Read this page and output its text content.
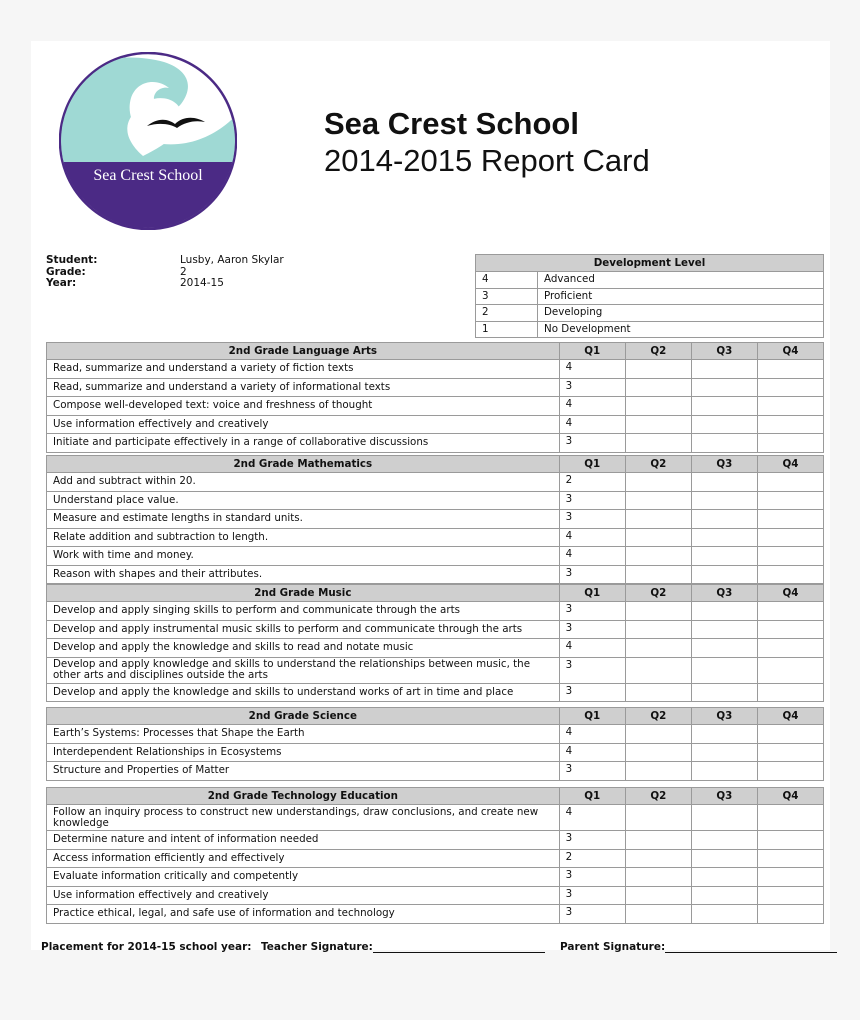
Sea Crest School
Sea Crest School
2014-2015 Report Card
Student:	Lusby, Aaron Skylar
Grade:	2
Year:	2014-15
Development Level	
4	Advanced
3	Proficient
2	Developing
1	No Development
2nd Grade Language Arts	Q1	Q2	Q3	Q4
Read, summarize and understand a variety of fiction texts	4			
Read, summarize and understand a variety of informational texts	3			
Compose well-developed text: voice and freshness of thought	4			
Use information effectively and creatively	4			
Initiate and participate effectively in a range of collaborative discussions	3			
2nd Grade Mathematics	Q1	Q2	Q3	Q4
Add and subtract within 20.	2			
Understand place value.	3			
Measure and estimate lengths in standard units.	3			
Relate addition and subtraction to length.	4			
Work with time and money.	4			
Reason with shapes and their attributes.	3			
2nd Grade Music	Q1	Q2	Q3	Q4
Develop and apply singing skills to perform and communicate through the arts	3			
Develop and apply instrumental music skills to perform and communicate through the arts	3			
Develop and apply the knowledge and skills to read and notate music	4			
Develop and apply knowledge and skills to understand the relationships between music, the other arts and disciplines outside the arts	3			
Develop and apply the knowledge and skills to understand works of art in time and place	3			
2nd Grade Science	Q1	Q2	Q3	Q4
Earth’s Systems: Processes that Shape the Earth	4			
Interdependent Relationships in Ecosystems	4			
Structure and Properties of Matter	3			
2nd Grade Technology Education	Q1	Q2	Q3	Q4
Follow an inquiry process to construct new understandings, draw conclusions, and create new knowledge	4			
Determine nature and intent of information needed	3			
Access information efficiently and effectively	2			
Evaluate information critically and competently	3			
Use information effectively and creatively	3			
Practice ethical, legal, and safe use of information and technology	3			
Placement for 2014-15 school year: Teacher Signature:	Parent Signature:
